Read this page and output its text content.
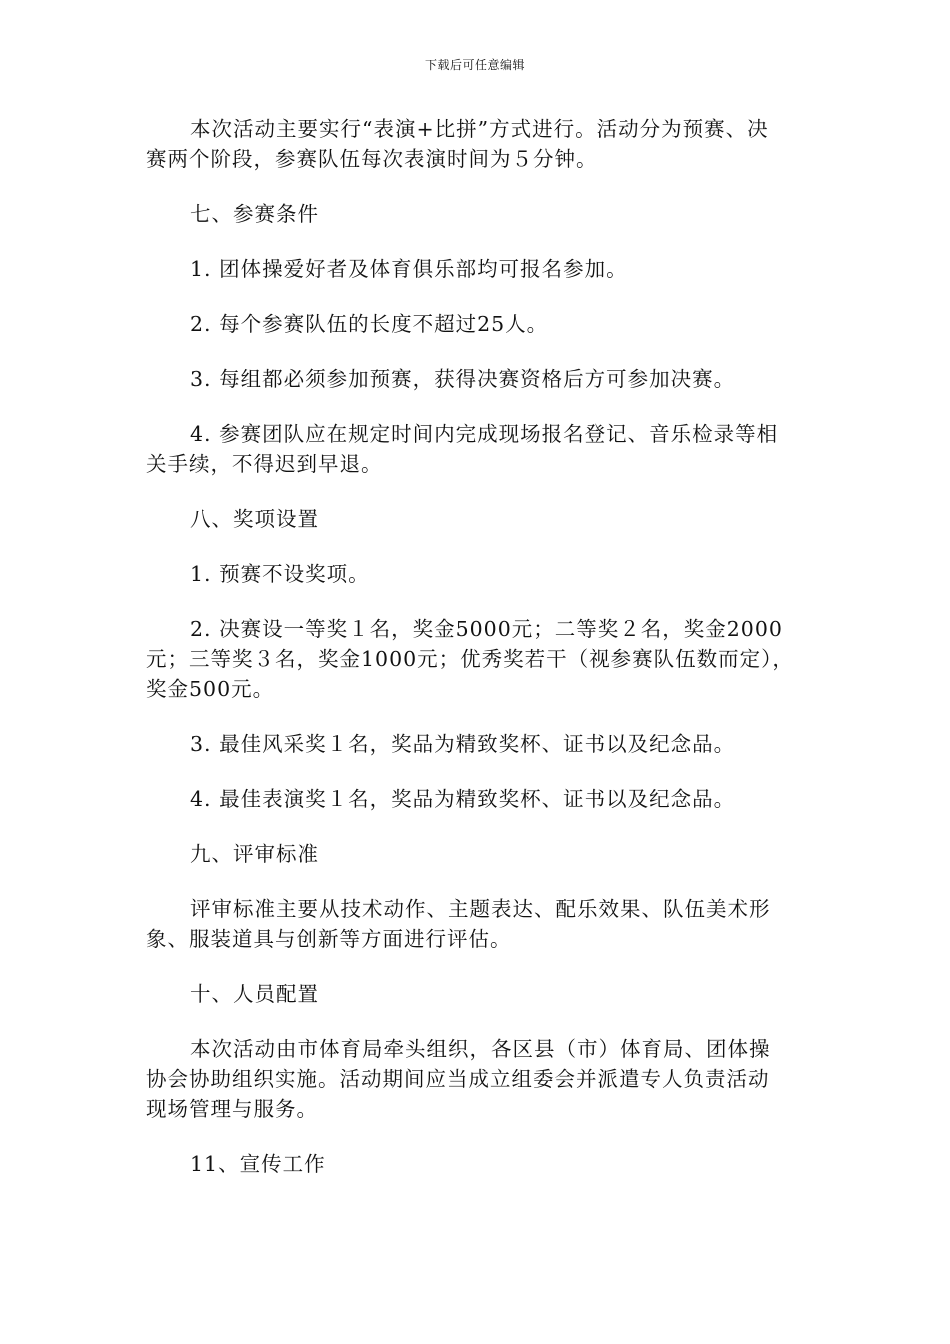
下载后可任意编辑

本次活动主要实行“表演+比拼”方式进行。活动分为预赛、决
赛两个阶段，参赛队伍每次表演时间为５分钟。

七、参赛条件

1. 团体操爱好者及体育俱乐部均可报名参加。

2. 每个参赛队伍的长度不超过25人。

3. 每组都必须参加预赛，获得决赛资格后方可参加决赛。

4. 参赛团队应在规定时间内完成现场报名登记、音乐检录等相
关手续，不得迟到早退。

八、奖项设置

1. 预赛不设奖项。

2. 决赛设一等奖１名，奖金5000元；二等奖２名，奖金2000
元；三等奖３名，奖金1000元；优秀奖若干（视参赛队伍数而定），
奖金500元。

3. 最佳风采奖１名，奖品为精致奖杯、证书以及纪念品。

4. 最佳表演奖１名，奖品为精致奖杯、证书以及纪念品。

九、评审标准

评审标准主要从技术动作、主题表达、配乐效果、队伍美术形
象、服装道具与创新等方面进行评估。

十、人员配置

本次活动由市体育局牵头组织，各区县（市）体育局、团体操
协会协助组织实施。活动期间应当成立组委会并派遣专人负责活动
现场管理与服务。

11、宣传工作
